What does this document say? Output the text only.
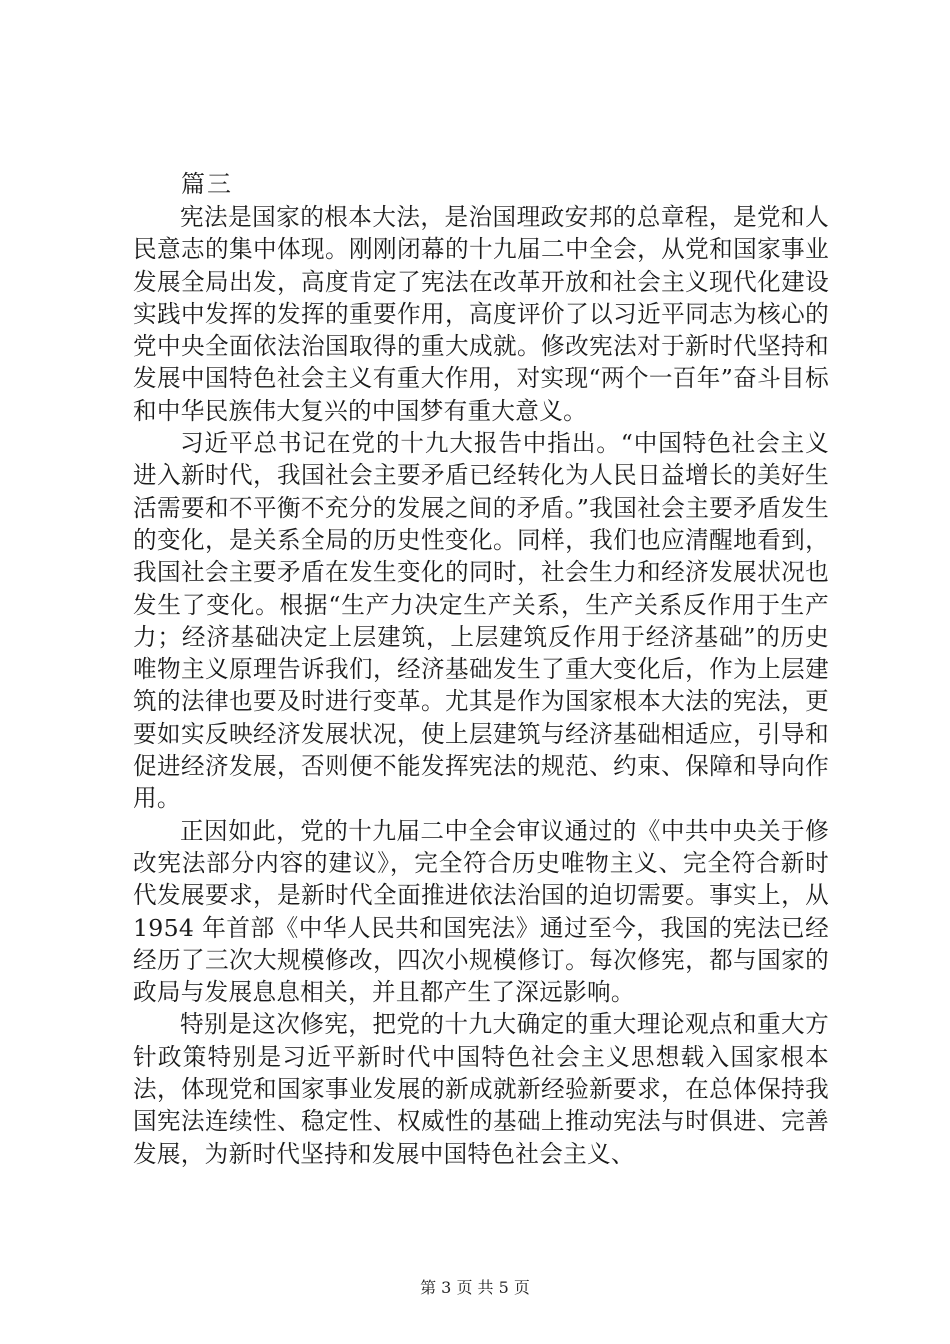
篇三

宪法是国家的根本大法，是治国理政安邦的总章程，是党和人民意志的集中体现。刚刚闭幕的十九届二中全会，从党和国家事业发展全局出发，高度肯定了宪法在改革开放和社会主义现代化建设实践中发挥的发挥的重要作用，高度评价了以习近平同志为核心的党中央全面依法治国取得的重大成就。修改宪法对于新时代坚持和发展中国特色社会主义有重大作用，对实现“两个一百年”奋斗目标和中华民族伟大复兴的中国梦有重大意义。

习近平总书记在党的十九大报告中指出。“中国特色社会主义进入新时代，我国社会主要矛盾已经转化为人民日益增长的美好生活需要和不平衡不充分的发展之间的矛盾。”我国社会主要矛盾发生的变化，是关系全局的历史性变化。同样，我们也应清醒地看到，我国社会主要矛盾在发生变化的同时，社会生力和经济发展状况也发生了变化。根据“生产力决定生产关系，生产关系反作用于生产力；经济基础决定上层建筑，上层建筑反作用于经济基础”的历史唯物主义原理告诉我们，经济基础发生了重大变化后，作为上层建筑的法律也要及时进行变革。尤其是作为国家根本大法的宪法，更要如实反映经济发展状况，使上层建筑与经济基础相适应，引导和促进经济发展，否则便不能发挥宪法的规范、约束、保障和导向作用。

正因如此，党的十九届二中全会审议通过的《中共中央关于修改宪法部分内容的建议》，完全符合历史唯物主义、完全符合新时代发展要求，是新时代全面推进依法治国的迫切需要。事实上，从 1954 年首部《中华人民共和国宪法》通过至今，我国的宪法已经经历了三次大规模修改，四次小规模修订。每次修宪，都与国家的政局与发展息息相关，并且都产生了深远影响。

特别是这次修宪，把党的十九大确定的重大理论观点和重大方针政策特别是习近平新时代中国特色社会主义思想载入国家根本法，体现党和国家事业发展的新成就新经验新要求，在总体保持我国宪法连续性、稳定性、权威性的基础上推动宪法与时俱进、完善发展，为新时代坚持和发展中国特色社会主义、

第 3 页 共 5 页
